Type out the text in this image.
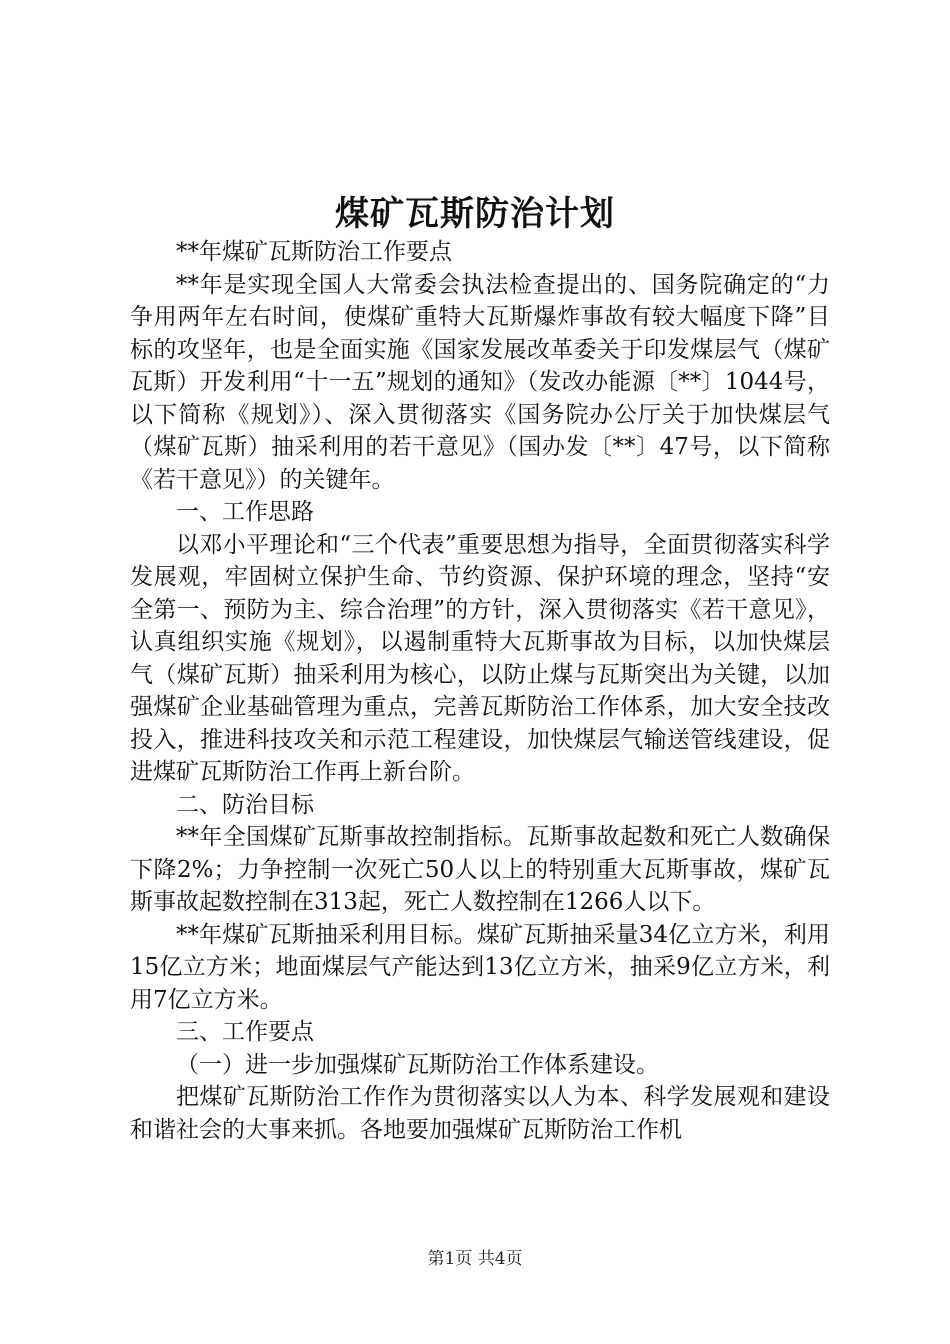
煤矿瓦斯防治计划

**年煤矿瓦斯防治工作要点

**年是实现全国人大常委会执法检查提出的、国务院确定的“力争用两年左右时间，使煤矿重特大瓦斯爆炸事故有较大幅度下降”目标的攻坚年，也是全面实施《国家发展改革委关于印发煤层气（煤矿瓦斯）开发利用“十一五”规划的通知》（发改办能源〔**〕1044号，以下简称《规划》）、深入贯彻落实《国务院办公厅关于加快煤层气（煤矿瓦斯）抽采利用的若干意见》（国办发〔**〕47号，以下简称《若干意见》）的关键年。

一、工作思路

以邓小平理论和“三个代表”重要思想为指导，全面贯彻落实科学发展观，牢固树立保护生命、节约资源、保护环境的理念，坚持“安全第一、预防为主、综合治理”的方针，深入贯彻落实《若干意见》，认真组织实施《规划》，以遏制重特大瓦斯事故为目标，以加快煤层气（煤矿瓦斯）抽采利用为核心，以防止煤与瓦斯突出为关键，以加强煤矿企业基础管理为重点，完善瓦斯防治工作体系，加大安全技改投入，推进科技攻关和示范工程建设，加快煤层气输送管线建设，促进煤矿瓦斯防治工作再上新台阶。

二、防治目标

**年全国煤矿瓦斯事故控制指标。瓦斯事故起数和死亡人数确保下降2%；力争控制一次死亡50人以上的特别重大瓦斯事故，煤矿瓦斯事故起数控制在313起，死亡人数控制在1266人以下。

**年煤矿瓦斯抽采利用目标。煤矿瓦斯抽采量34亿立方米，利用15亿立方米；地面煤层气产能达到13亿立方米，抽采9亿立方米，利用7亿立方米。

三、工作要点

（一）进一步加强煤矿瓦斯防治工作体系建设。

把煤矿瓦斯防治工作作为贯彻落实以人为本、科学发展观和建设和谐社会的大事来抓。各地要加强煤矿瓦斯防治工作机

第1页 共4页
